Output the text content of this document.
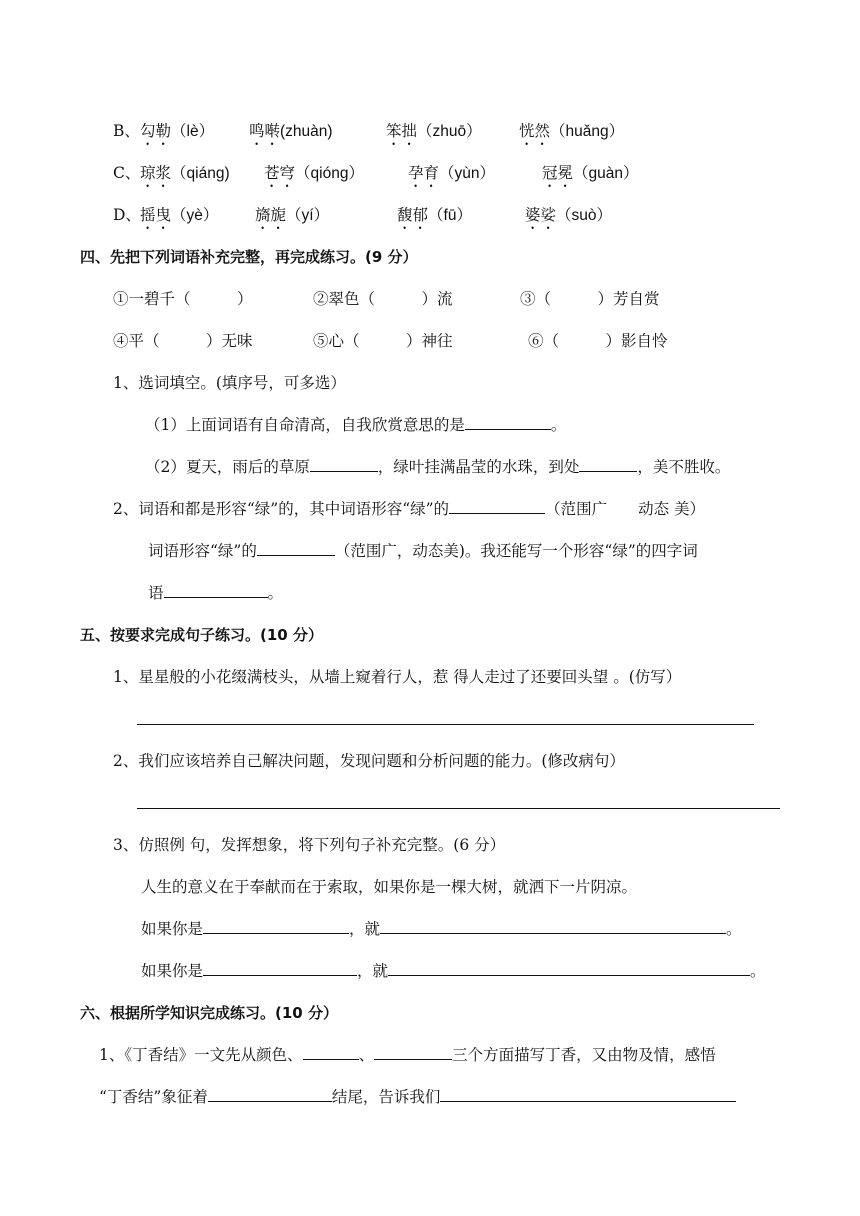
B、 勾勒（lè） 鸣啭(zhuàn)	笨拙（zhuō） 恍然（huǎng）
C、 琼浆（qiáng) 苍穹（qióng）	孕育（yùn）	冠冕（guàn）
D、 摇曳（yè） 旖旎（yí）	馥郁（fū）	婆娑（suò）
四、先把下列词语补充完整，再完成练习。(9 分）
①一碧千（　　　）	②翠色（　　　）流	③（　　　）芳自赏
④平（　　　）无味	⑤心（　　　）神往	⑥（　　　）影自怜
1、选词填空。(填序号，可多选）
（1）上面词语有自命清高，自我欣赏意思的是	。
（2）夏天，雨后的草原	，绿叶挂满晶莹的水珠，到处	，美不胜收。
2、词语和都是形容“绿”的，其中词语形容“绿”的	（范围广　　动态 美）
词语形容“绿”的	（范围广，动态美)。我还能写一个形容“绿”的四字词
语	。
五、按要求完成句子练习。(10 分）
1、星星般的小花缀满枝头，从墙上窥着行人，惹 得人走过了还要回头望 。(仿写）
2、我们应该培养自己解决问题，发现问题和分析问题的能力。(修改病句）
3、仿照例 句，发挥想象，将下列句子补充完整。(6 分）
人生的意义在于奉献而在于索取，如果你是一棵大树，就洒下一片阴凉。
如果你是	，就	。
如果你是	，就	。
六、根据所学知识完成练习。(10 分）
1、《丁香结》一文先从颜色、	、	三个方面描写丁香，又由物及情，感悟
“丁香结”象征着	结尾，告诉我们
